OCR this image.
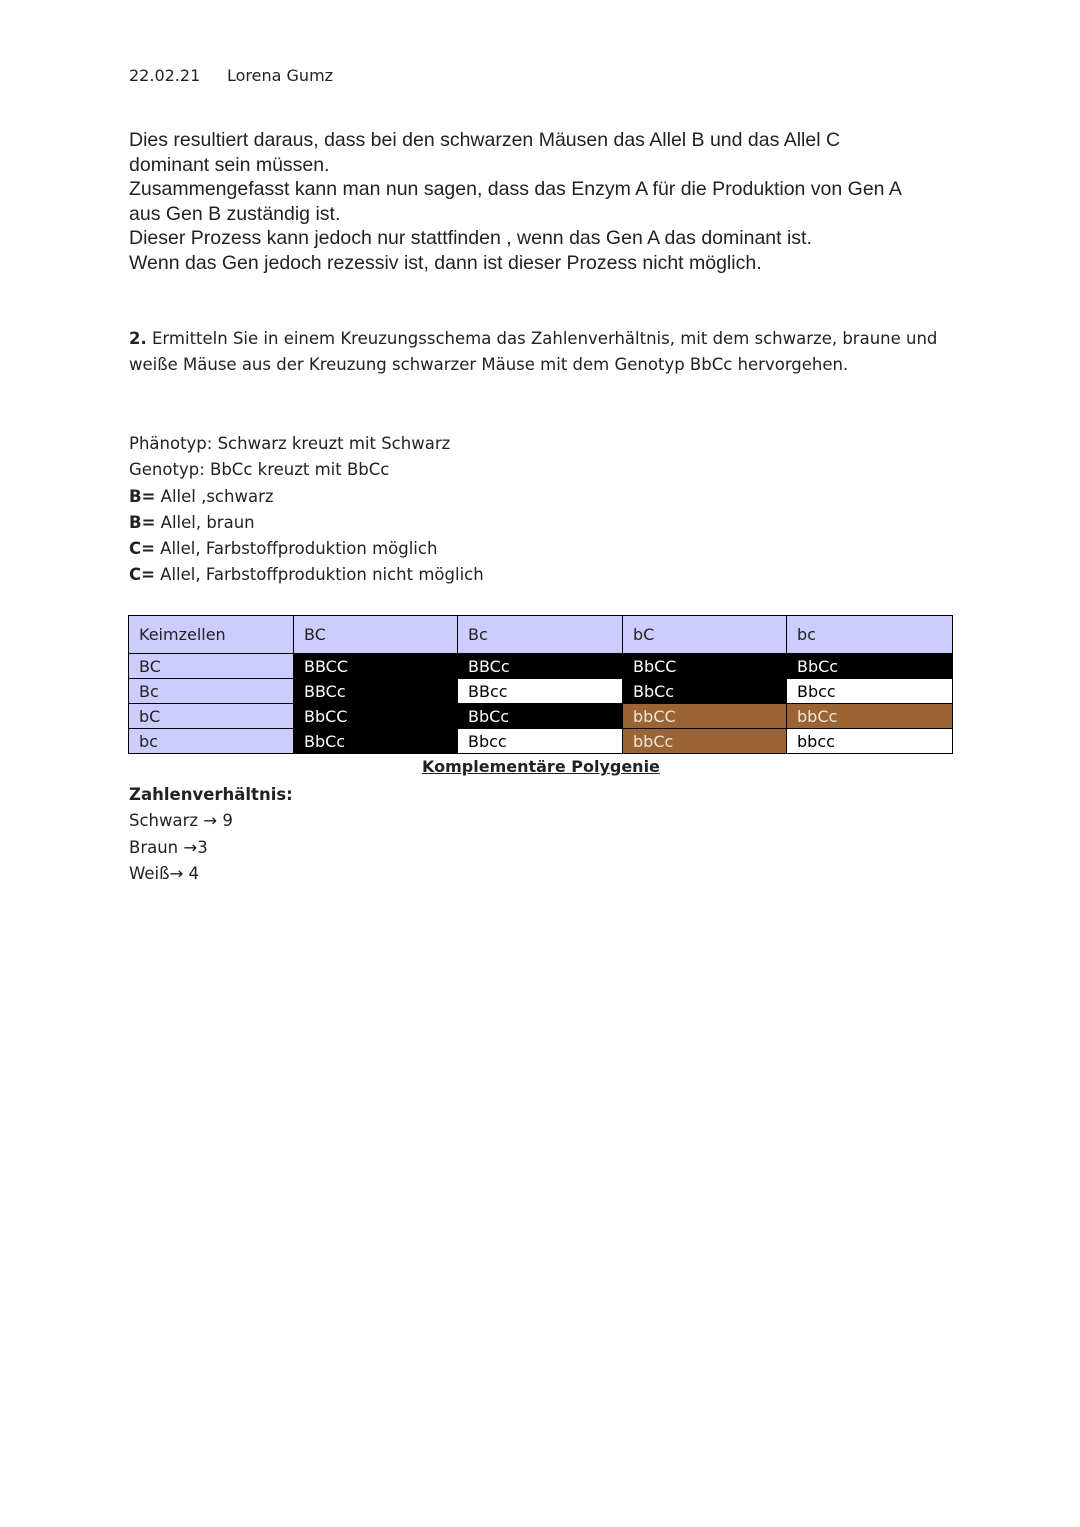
22.02.21 Lorena Gumz

Dies resultiert daraus, dass bei den schwarzen Mäusen das Allel B und das Allel C

dominant sein müssen.

Zusammengefasst kann man nun sagen, dass das Enzym A für die Produktion von Gen A

aus Gen B zuständig ist.

Dieser Prozess kann jedoch nur stattfinden , wenn das Gen A das dominant ist.

Wenn das Gen jedoch rezessiv ist, dann ist dieser Prozess nicht möglich.

2. Ermitteln Sie in einem Kreuzungsschema das Zahlenverhältnis, mit dem schwarze, braune und

weiße Mäuse aus der Kreuzung schwarzer Mäuse mit dem Genotyp BbCc hervorgehen.

Phänotyp: Schwarz kreuzt mit Schwarz

Genotyp: BbCc kreuzt mit BbCc

B= Allel ,schwarz

B= Allel, braun

C= Allel, Farbstoffproduktion möglich

C= Allel, Farbstoffproduktion nicht möglich

Keimzellen	BC	Bc	bC	bc
BC	BBCC	BBCc	BbCC	BbCc
Bc	BBCc	BBcc	BbCc	Bbcc
bC	BbCC	BbCc	bbCC	bbCc
bc	BbCc	Bbcc	bbCc	bbcc
Komplementäre Polygenie

Zahlenverhältnis:

Schwarz → 9

Braun →3

Weiß→ 4
